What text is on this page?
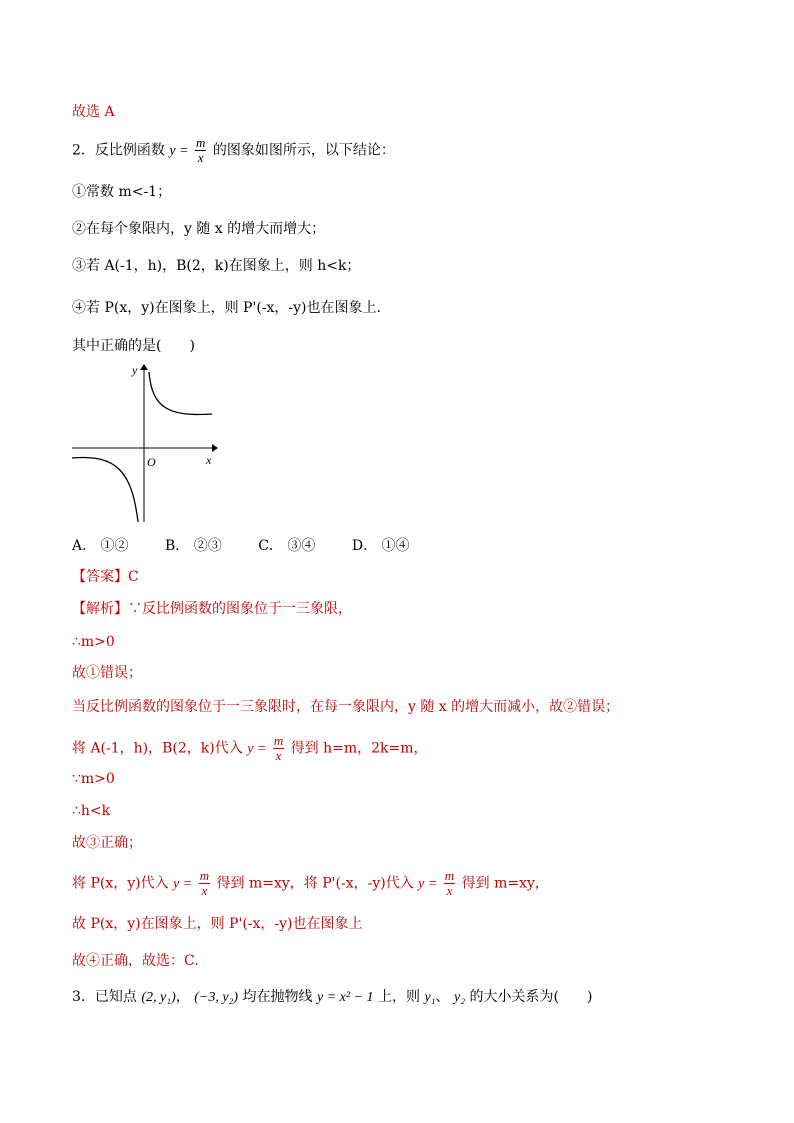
故选 A
2．反比例函数 $y = \frac{m}{x}$ 的图象如图所示，以下结论：
①常数 m<-1；
②在每个象限内，y 随 x 的增大而增大；
③若 A(-1，h)，B(2，k)在图象上，则 h<k；
④若 P(x，y)在图象上，则 P'(-x，-y)也在图象上．
其中正确的是(　　)
y
x
O
A． ①②	B． ②③	C． ③④	D． ①④
【答案】C
【解析】∵反比例函数的图象位于一三象限，
∴m>0
故①错误；
当反比例函数的图象位于一三象限时，在每一象限内，y 随 x 的增大而减小，故②错误；
将 A(-1，h)，B(2，k)代入 $y = \frac{m}{x}$ 得到 h=m，2k=m，
∵m>0
∴h<k
故③正确；
将 P(x，y)代入 $y = \frac{m}{x}$ 得到 m=xy，将 P'(-x，-y)代入 $y = \frac{m}{x}$ 得到 m=xy，
故 P(x，y)在图象上，则 P'(-x，-y)也在图象上
故④正确，故选：C.
3．已知点 (2, y₁)， (−3, y₂) 均在抛物线 y = x² − 1 上，则 y₁、 y₂ 的大小关系为(　　)
